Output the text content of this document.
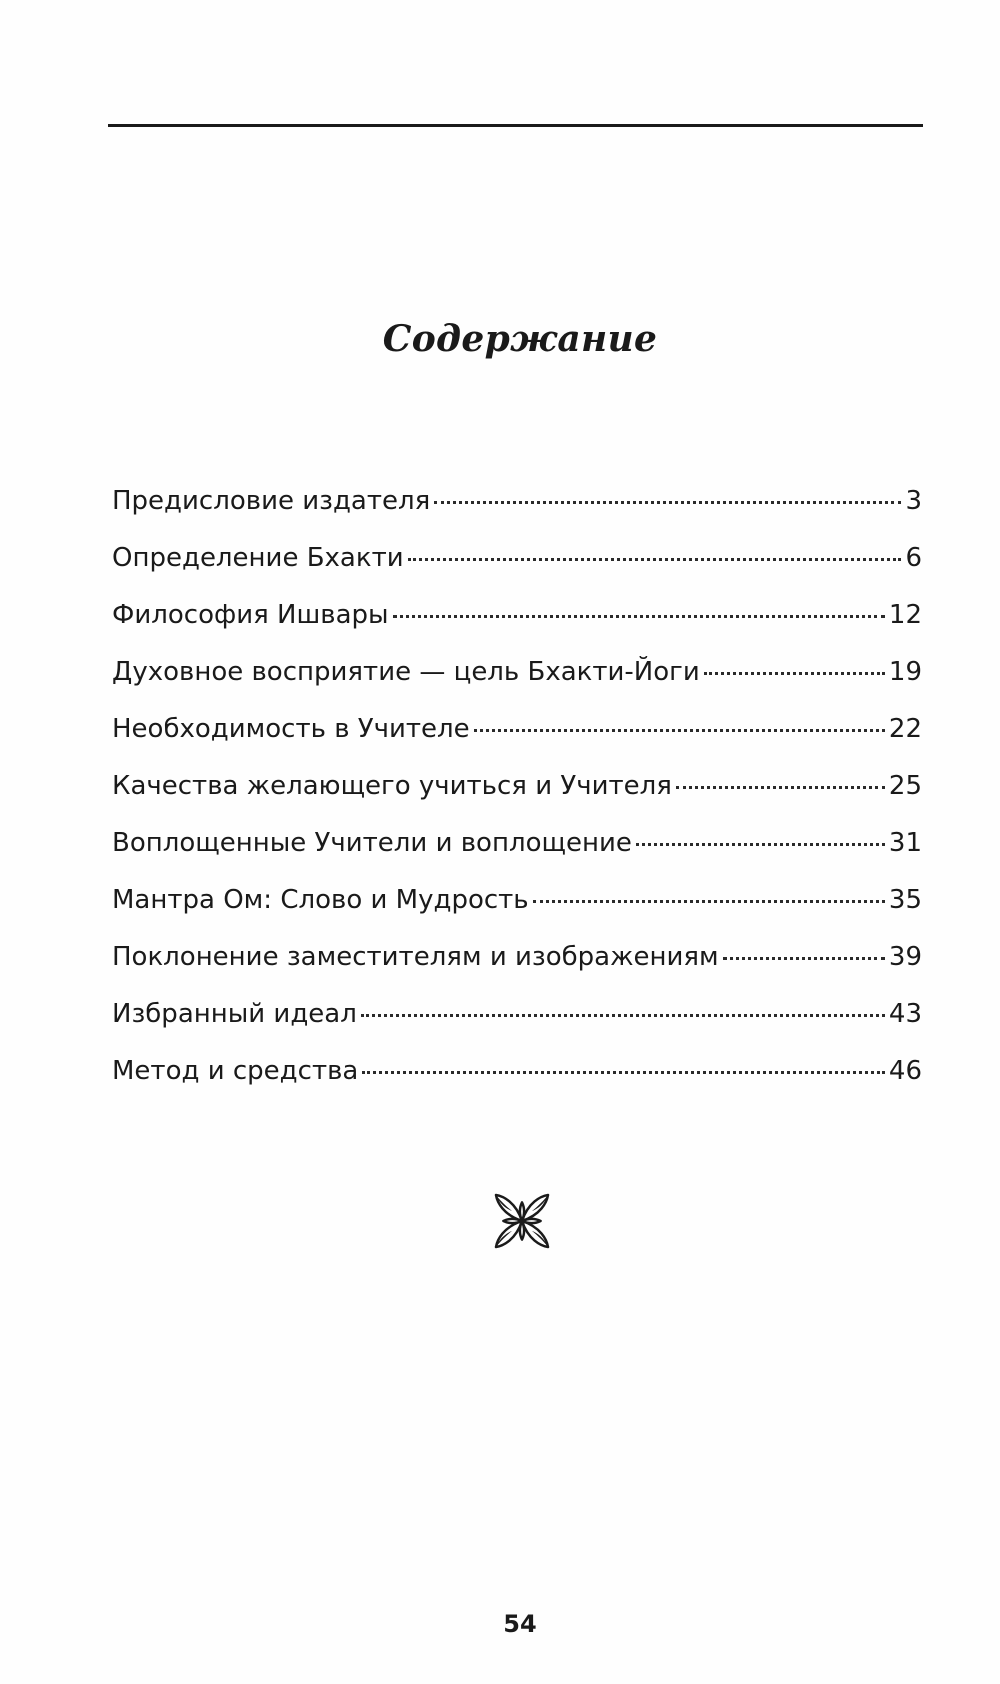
Содержание
Предисловие издателя	3
Определение Бхакти	6
Философия Ишвары	12
Духовное восприятие — цель Бхакти-Йоги	19
Необходимость в Учителе	22
Качества желающего учиться и Учителя	25
Воплощенные Учители и воплощение	31
Мантра Ом: Слово и Мудрость	35
Поклонение заместителям и изображениям	39
Избранный идеал	43
Метод и средства	46
54
